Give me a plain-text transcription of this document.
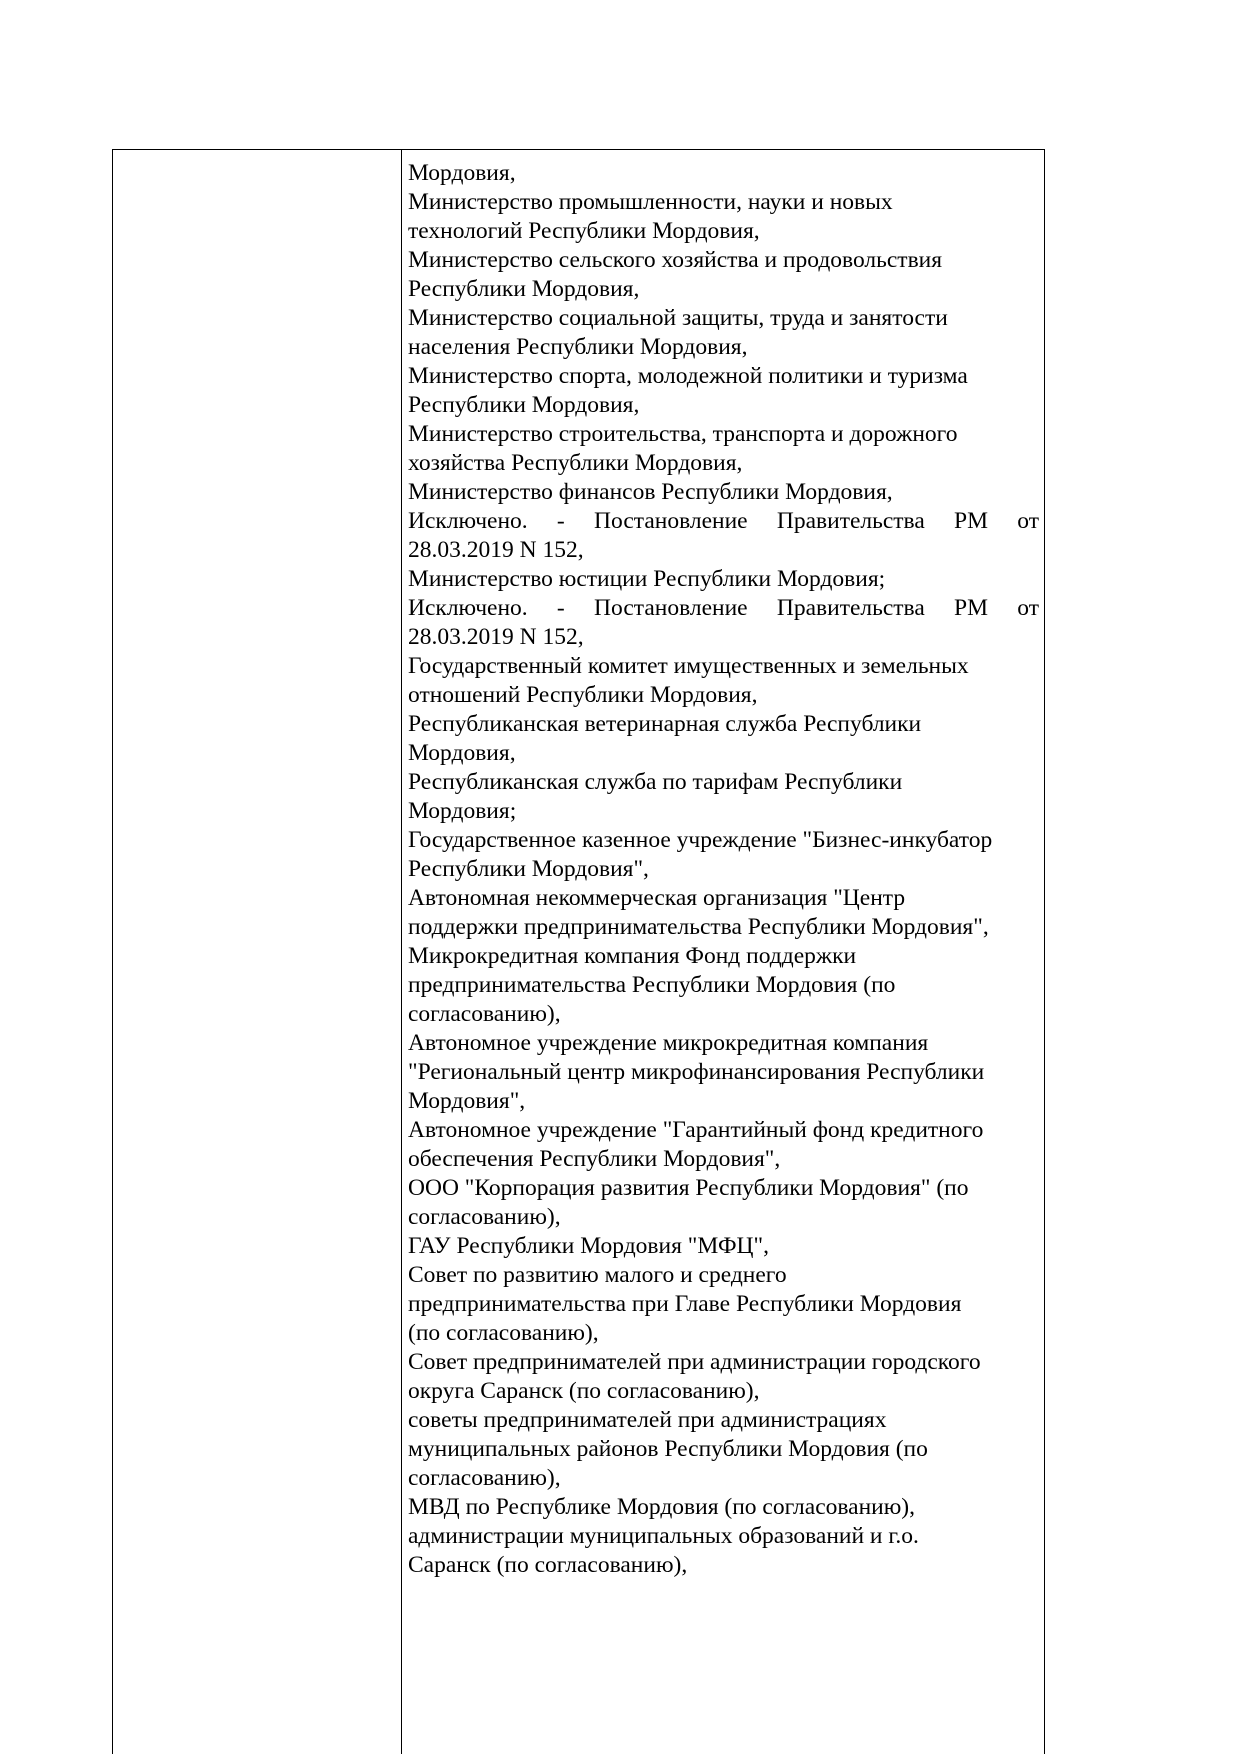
Мордовия,
Министерство промышленности, науки и новых
технологий Республики Мордовия,
Министерство сельского хозяйства и продовольствия
Республики Мордовия,
Министерство социальной защиты, труда и занятости
населения Республики Мордовия,
Министерство спорта, молодежной политики и туризма
Республики Мордовия,
Министерство строительства, транспорта и дорожного
хозяйства Республики Мордовия,
Министерство финансов Республики Мордовия,
Исключено. - Постановление Правительства РМ от
28.03.2019 N 152,
Министерство юстиции Республики Мордовия;
Исключено. - Постановление Правительства РМ от
28.03.2019 N 152,
Государственный комитет имущественных и земельных
отношений Республики Мордовия,
Республиканская ветеринарная служба Республики
Мордовия,
Республиканская служба по тарифам Республики
Мордовия;
Государственное казенное учреждение "Бизнес-инкубатор
Республики Мордовия",
Автономная некоммерческая организация "Центр
поддержки предпринимательства Республики Мордовия",
Микрокредитная компания Фонд поддержки
предпринимательства Республики Мордовия (по
согласованию),
Автономное учреждение микрокредитная компания
"Региональный центр микрофинансирования Республики
Мордовия",
Автономное учреждение "Гарантийный фонд кредитного
обеспечения Республики Мордовия",
ООО "Корпорация развития Республики Мордовия" (по
согласованию),
ГАУ Республики Мордовия "МФЦ",
Совет по развитию малого и среднего
предпринимательства при Главе Республики Мордовия
(по согласованию),
Совет предпринимателей при администрации городского
округа Саранск (по согласованию),
советы предпринимателей при администрациях
муниципальных районов Республики Мордовия (по
согласованию),
МВД по Республике Мордовия (по согласованию),
администрации муниципальных образований и г.о.
Саранск (по согласованию),
